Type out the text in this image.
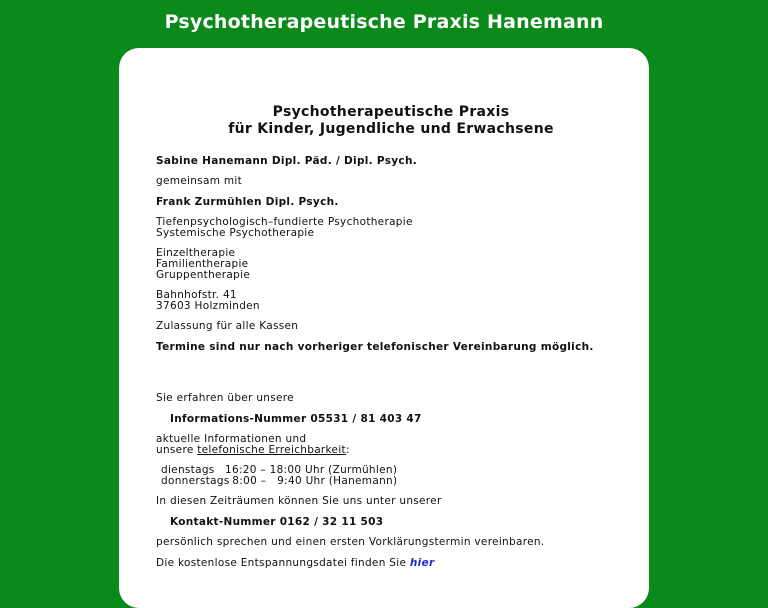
Psychotherapeutische Praxis Hanemann
Psychotherapeutische Praxis
für Kinder, Jugendliche und Erwachsene
Sabine Hanemann Dipl. Päd. / Dipl. Psych.
gemeinsam mit
Frank Zurmühlen Dipl. Psych.
Tiefenpsychologisch–fundierte Psychotherapie
Systemische Psychotherapie
Einzeltherapie
Familientherapie
Gruppentherapie
Bahnhofstr. 41
37603 Holzminden
Zulassung für alle Kassen
Termine sind nur nach vorheriger telefonischer Vereinbarung möglich.
Sie erfahren über unsere
Informations-Nummer 05531 / 81 403 47
aktuelle Informationen und
unsere telefonische Erreichbarkeit:
dienstags 16:20 – 18:00 Uhr (Zurmühlen)
donnerstags
8:00 –   9:40 Uhr (Hanemann)
In diesen Zeiträumen können Sie uns unter unserer
Kontakt-Nummer 0162 / 32 11 503
persönlich sprechen und einen ersten Vorklärungstermin vereinbaren.
Die kostenlose Entspannungsdatei finden Sie hier
